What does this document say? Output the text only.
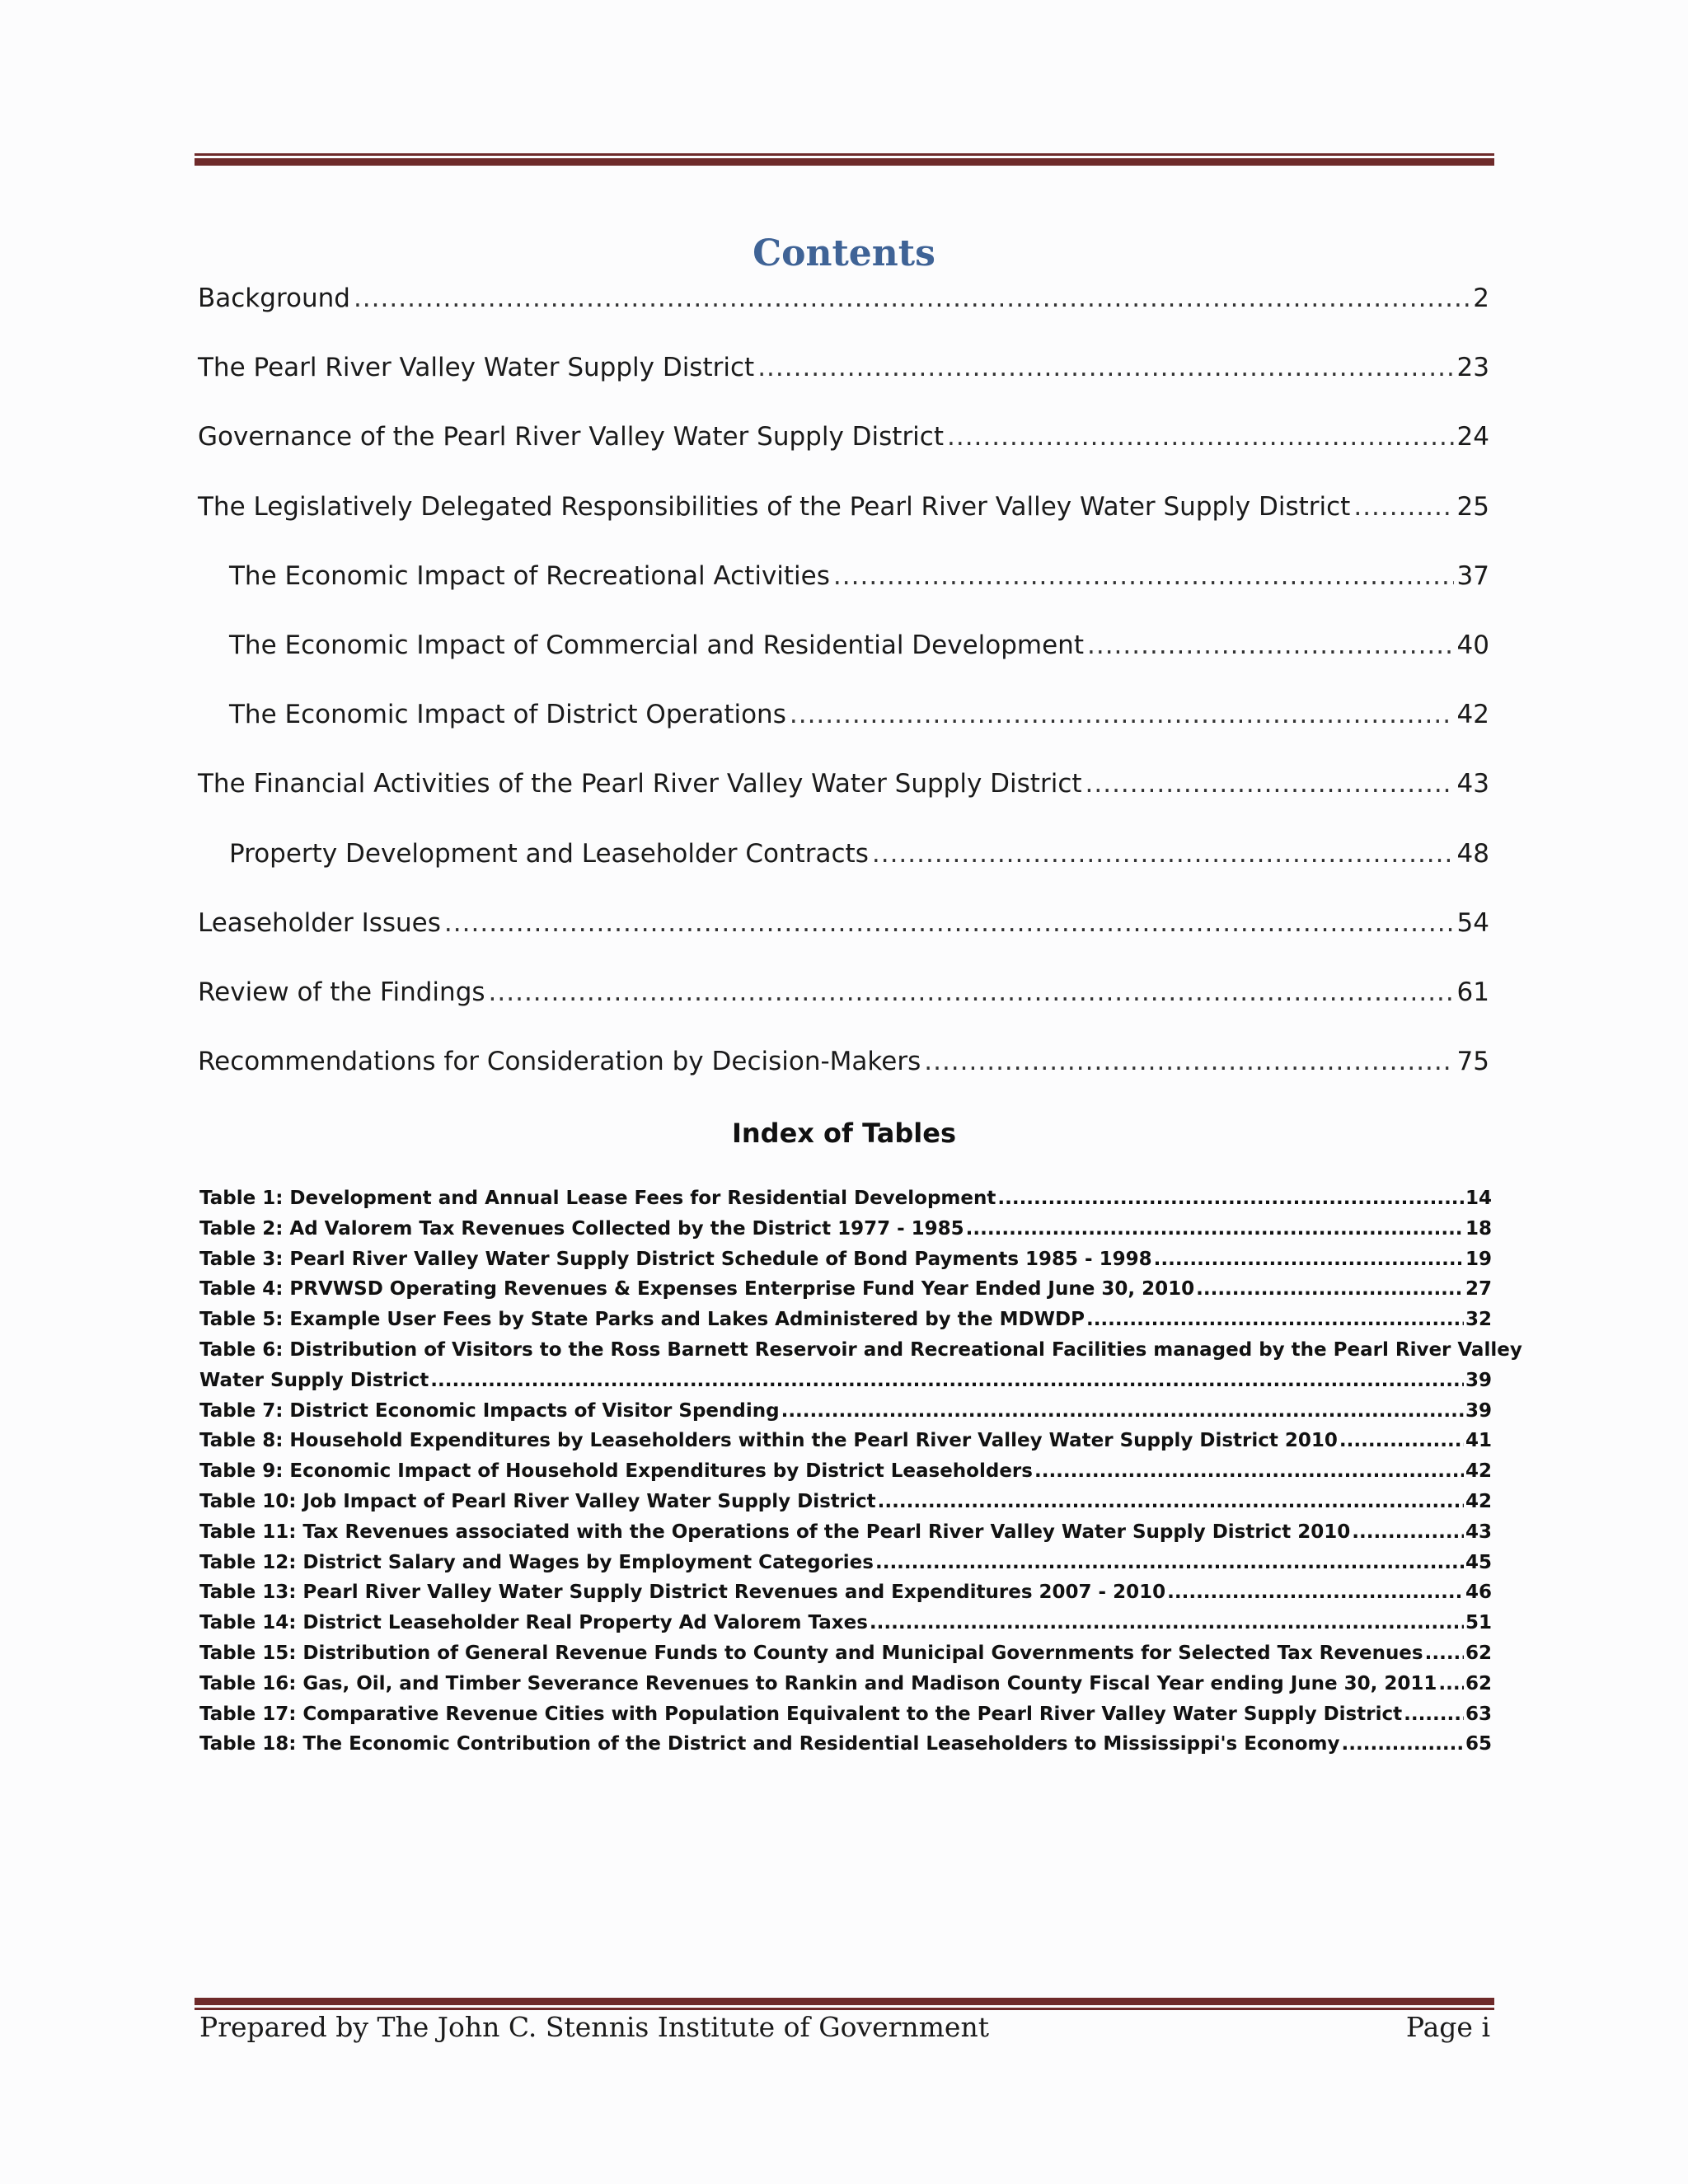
Contents
Background .....	2
The Pearl River Valley Water Supply District .....	23
Governance of the Pearl River Valley Water Supply District .....	24
The Legislatively Delegated Responsibilities of the Pearl River Valley Water Supply District .....	25
The Economic Impact of Recreational Activities .....	37
The Economic Impact of Commercial and Residential Development .....	40
The Economic Impact of District Operations .....	42
The Financial Activities of the Pearl River Valley Water Supply District .....	43
Property Development and Leaseholder Contracts .....	48
Leaseholder Issues .....	54
Review of the Findings .....	61
Recommendations for Consideration by Decision-Makers .....	75
Index of Tables
Table 1: Development and Annual Lease Fees for Residential Development .....	14
Table 2: Ad Valorem Tax Revenues Collected by the District 1977 - 1985 .....	18
Table 3: Pearl River Valley Water Supply District Schedule of Bond Payments 1985 - 1998 .....	19
Table 4: PRVWSD Operating Revenues & Expenses Enterprise Fund Year Ended June 30, 2010 .....	27
Table 5: Example User Fees by State Parks and Lakes Administered by the MDWDP .....	32
Table 6: Distribution of Visitors to the Ross Barnett Reservoir and Recreational Facilities managed by the Pearl River Valley
Water Supply District .....	39
Table 7: District Economic Impacts of Visitor Spending .....	39
Table 8: Household Expenditures by Leaseholders within the Pearl River Valley Water Supply District 2010 .....	41
Table 9: Economic Impact of Household Expenditures by District Leaseholders .....	42
Table 10: Job Impact of Pearl River Valley Water Supply District .....	42
Table 11: Tax Revenues associated with the Operations of the Pearl River Valley Water Supply District 2010 .....	43
Table 12: District Salary and Wages by Employment Categories .....	45
Table 13: Pearl River Valley Water Supply District Revenues and Expenditures 2007 - 2010 .....	46
Table 14: District Leaseholder Real Property Ad Valorem Taxes .....	51
Table 15: Distribution of General Revenue Funds to County and Municipal Governments for Selected Tax Revenues ..... 62
Table 16: Gas, Oil, and Timber Severance Revenues to Rankin and Madison County Fiscal Year ending June 30, 2011 ..... 62
Table 17: Comparative Revenue Cities with Population Equivalent to the Pearl River Valley Water Supply District .....	63
Table 18: The Economic Contribution of the District and Residential Leaseholders to Mississippi's Economy .....	65
Prepared by The John C. Stennis Institute of Government	Page i
